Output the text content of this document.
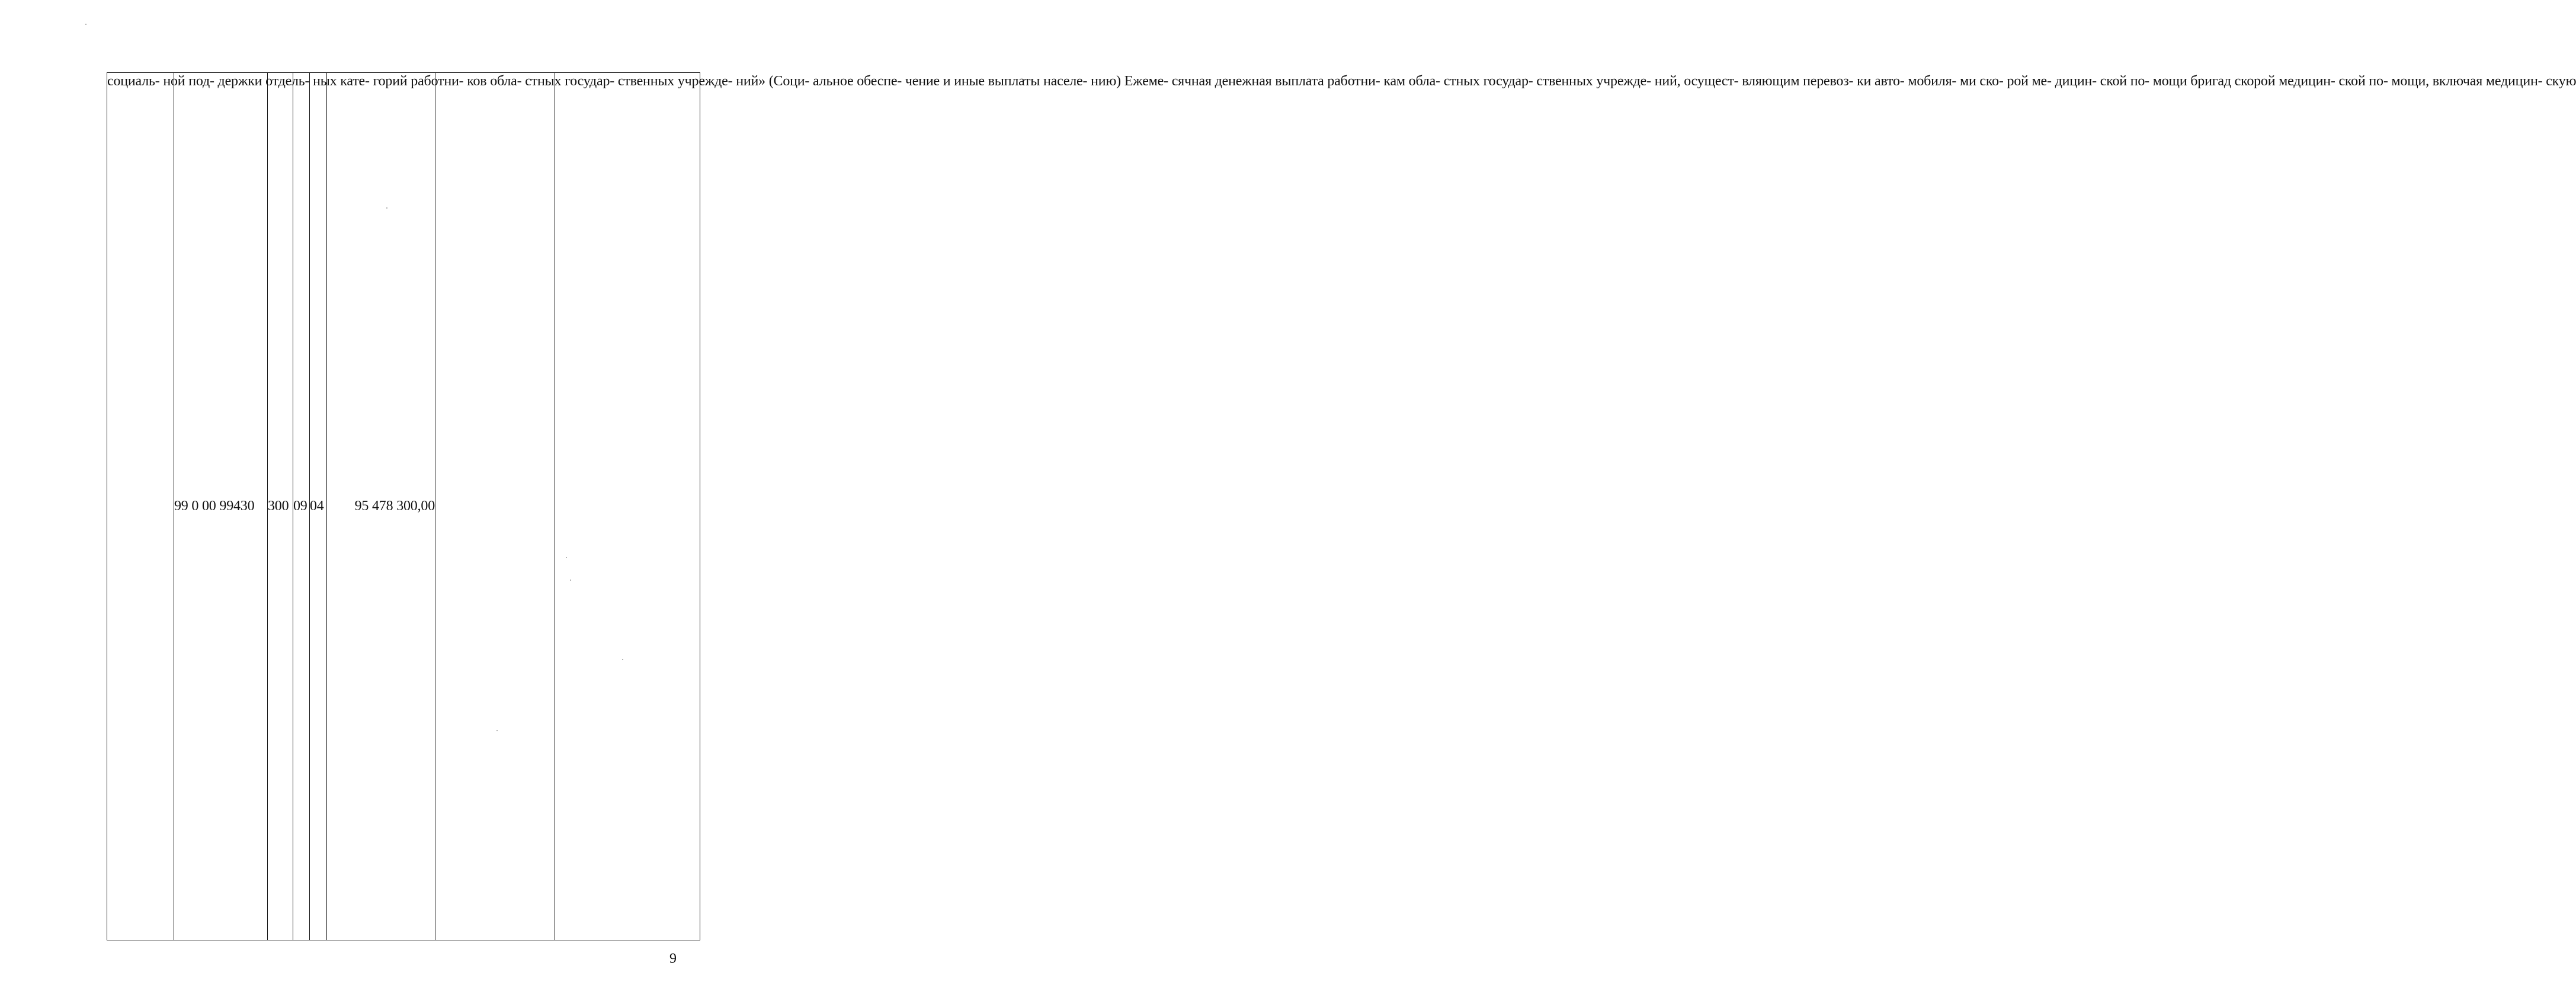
социаль- ной под- держки отдель- ных кате- горий работни- ков обла- стных государ- ственных учрежде- ний» (Соци- альное обеспе- чение и иные выплаты населе- нию) Ежеме- сячная денежная выплата работни- кам обла- стных государ- ственных учрежде- ний, осущест- вляющим перевоз- ки авто- мобиля- ми ско- рой ме- дицин- ской по- мощи бригад скорой медицин- ской по- мощи, включая медицин- скую	99 0 00 99430	300	09	04	95 478 300,00		
9
